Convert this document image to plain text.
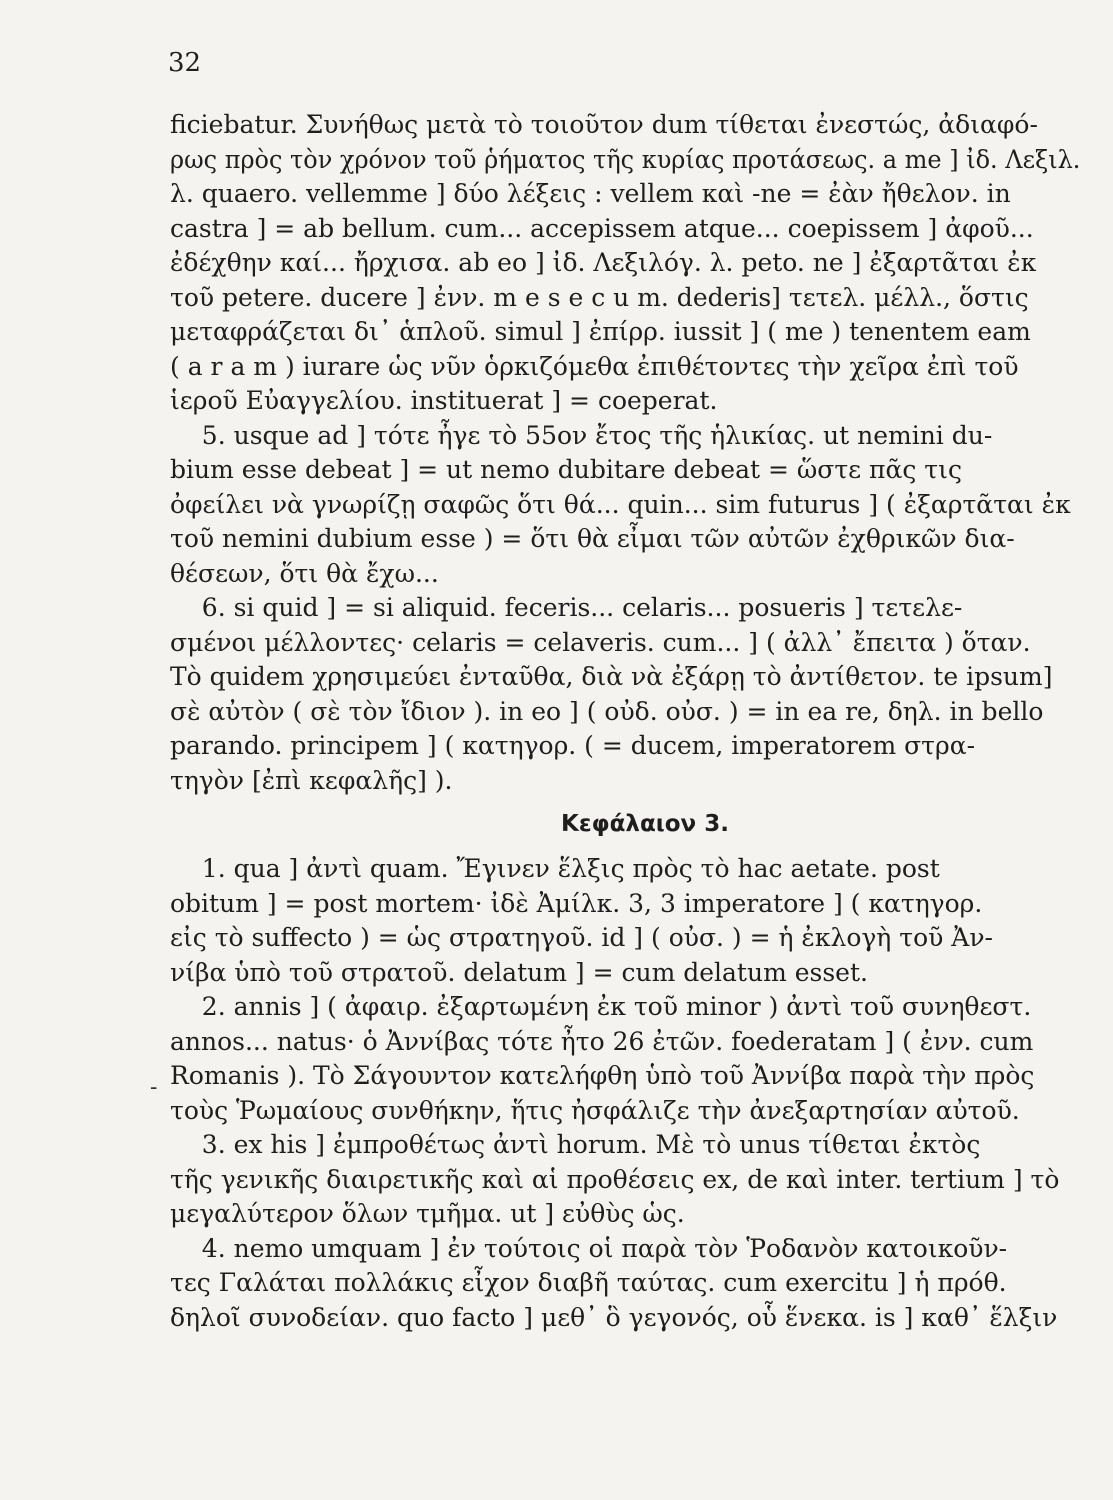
32
ficiebatur. Συνήθως μετὰ τὸ τοιοῦτον dum τίθεται ἐνεστώς, ἀδιαφό-
ρως πρὸς τὸν χρόνον τοῦ ῥήματος τῆς κυρίας προτάσεως. a me ] ἰδ. Λεξιλ.
λ. quaero. vellemme ] δύο λέξεις : vellem καὶ -ne = ἐὰν ἤθελον. in
castra ] = ab bellum. cum... accepissem atque... coepissem ] ἀφοῦ...
ἐδέχθην καί... ἤρχισα. ab eo ] ἰδ. Λεξιλόγ. λ. peto. ne ] ἐξαρτᾶται ἐκ
τοῦ petere. ducere ] ἐνν. m e s e c u m. dederis] τετελ. μέλλ., ὅστις
μεταφράζεται δι᾽ ἁπλοῦ. simul ] ἐπίρρ. iussit ] ( me ) tenentem eam
( a r a m ) iurare ὡς νῦν ὁρκιζόμεθα ἐπιθέτοντες τὴν χεῖρα ἐπὶ τοῦ
ἱεροῦ Εὐαγγελίου. instituerat ] = coeperat.
5. usque ad ] τότε ἦγε τὸ 55ον ἔτος τῆς ἡλικίας. ut nemini du-
bium esse debeat ] = ut nemo dubitare debeat = ὥστε πᾶς τις
ὀφείλει νὰ γνωρίζῃ σαφῶς ὅτι θά... quin... sim futurus ] ( ἐξαρτᾶται ἐκ
τοῦ nemini dubium esse ) = ὅτι θὰ εἶμαι τῶν αὐτῶν ἐχθρικῶν δια-
θέσεων, ὅτι θὰ ἔχω...
6. si quid ] = si aliquid. feceris... celaris... posueris ] τετελε-
σμένοι μέλλοντες· celaris = celaveris. cum... ] ( ἀλλ᾽ ἔπειτα ) ὅταν.
Τὸ quidem χρησιμεύει ἐνταῦθα, διὰ νὰ ἐξάρῃ τὸ ἀντίθετον. te ipsum]
σὲ αὐτὸν ( σὲ τὸν ἴδιον ). in eo ] ( οὐδ. οὐσ. ) = in ea re, δηλ. in bello
parando. principem ] ( κατηγορ. ( = ducem, imperatorem στρα-
τηγὸν [ἐπὶ κεφαλῆς] ).
Κεφάλαιον 3.
1. qua ] ἀντὶ quam. Ἔγινεν ἕλξις πρὸς τὸ hac aetate. post
obitum ] = post mortem· ἰδὲ Ἀμίλκ. 3, 3 imperatore ] ( κατηγορ.
εἰς τὸ suffecto ) = ὡς στρατηγοῦ. id ] ( οὐσ. ) = ἡ ἐκλογὴ τοῦ Ἀν-
νίβα ὑπὸ τοῦ στρατοῦ. delatum ] = cum delatum esset.
2. annis ] ( ἀφαιρ. ἐξαρτωμένη ἐκ τοῦ minor ) ἀντὶ τοῦ συνηθεστ.
annos... natus· ὁ Ἀννίβας τότε ἦτο 26 ἐτῶν. foederatam ] ( ἐνν. cum
Romanis ). Τὸ Σάγουντον κατελήφθη ὑπὸ τοῦ Ἀννίβα παρὰ τὴν πρὸς
τοὺς Ῥωμαίους συνθήκην, ἥτις ἠσφάλιζε τὴν ἀνεξαρτησίαν αὐτοῦ.
3. ex his ] ἐμπροθέτως ἀντὶ horum. Μὲ τὸ unus τίθεται ἐκτὸς
τῆς γενικῆς διαιρετικῆς καὶ αἱ προθέσεις ex, de καὶ inter. tertium ] τὸ
μεγαλύτερον ὅλων τμῆμα. ut ] εὐθὺς ὡς.
4. nemo umquam ] ἐν τούτοις οἱ παρὰ τὸν Ῥοδανὸν κατοικοῦν-
τες Γαλάται πολλάκις εἶχον διαβῆ ταύτας. cum exercitu ] ἡ πρόθ.
δηλοῖ συνοδείαν. quo facto ] μεθ᾽ ὃ γεγονός, οὗ ἕνεκα. is ] καθ᾽ ἕλξιν
-
